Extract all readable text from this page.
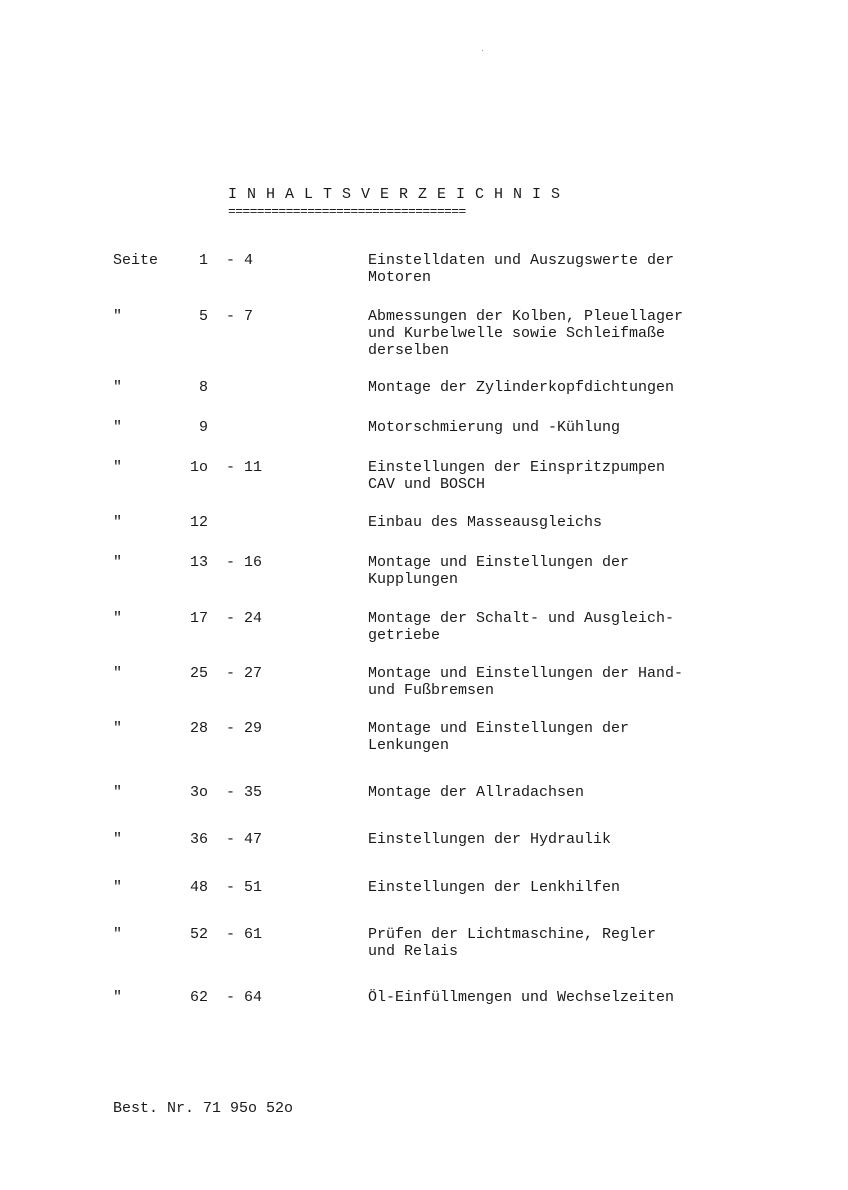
I N H A L T S V E R Z E I C H N I S
=================================
Seite	1 - 4	Einstelldaten und Auszugswerte der
Motoren
"	5 - 7	Abmessungen der Kolben, Pleuellager
und Kurbelwelle sowie Schleifmaße
derselben
"	8	Montage der Zylinderkopfdichtungen
"	9	Motorschmierung und -Kühlung
"	1o - 11	Einstellungen der Einspritzpumpen
CAV und BOSCH
"	12	Einbau des Masseausgleichs
"	13 - 16	Montage und Einstellungen der
Kupplungen
"	17 - 24	Montage der Schalt- und Ausgleich-
getriebe
"	25 - 27	Montage und Einstellungen der Hand-
und Fußbremsen
"	28 - 29	Montage und Einstellungen der
Lenkungen
"	3o - 35	Montage der Allradachsen
"	36 - 47	Einstellungen der Hydraulik
"	48 - 51	Einstellungen der Lenkhilfen
"	52 - 61	Prüfen der Lichtmaschine, Regler
und Relais
"	62 - 64	Öl-Einfüllmengen und Wechselzeiten
Best. Nr. 71 95o 52o
